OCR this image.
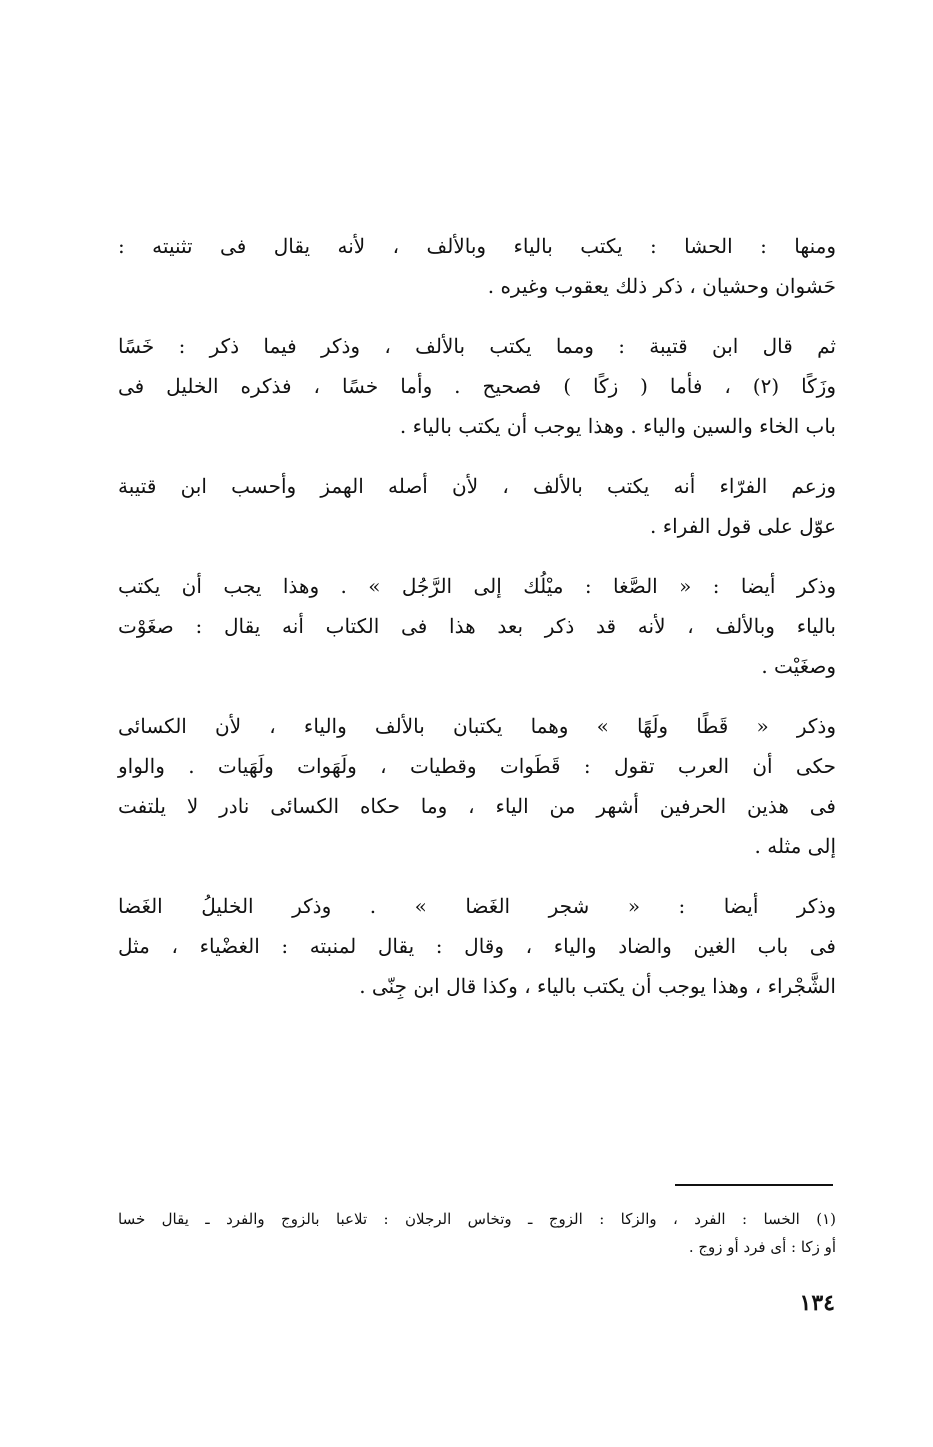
ومنها : الحشا : يكتب بالياء وبالألف ، لأنه يقال فى تثنيته :
حَشوان وحشيان ، ذكر ذلك يعقوب وغيره .
ثم قال ابن قتيبة : ومما يكتب بالألف ، وذكر فيما ذكر : خَسًا
وزَكًا (٢) ، فأما ( زكًا ) فصحيح . وأما خسًا ، فذكره الخليل فى
باب الخاء والسين والياء . وهذا يوجب أن يكتب بالياء .
وزعم الفرّاء أنه يكتب بالألف ، لأن أصله الهمز وأحسب ابن قتيبة
عوّل على قول الفراء .
وذكر أيضا : « الصَّغا : ميْلُك إلى الرَّجُل » . وهذا يجب أن يكتب
بالياء وبالألف ، لأنه قد ذكر بعد هذا فى الكتاب أنه يقال : صغَوْت
وصغَيْت .
وذكر « قَطًا ولَهًا » وهما يكتبان بالألف والياء ، لأن الكسائى
حكى أن العرب تقول : قَطَوات وقطيات ، ولَهَوات ولَهَيات . والواو
فى هذين الحرفين أشهر من الياء ، وما حكاه الكسائى نادر لا يلتفت
إلى مثله .
وذكر أيضا : « شجر الغَضا » . وذكر الخليلُ الغَضا
فى باب الغين والضاد والياء ، وقال : يقال لمنبته : الغضْياء ، مثل
الشَّجْراء ، وهذا يوجب أن يكتب بالياء ، وكذا قال ابن جِنّى .
(١) الخسا : الفرد ، والزكا : الزوج ـ وتخاس الرجلان : تلاعبا بالزوج والفرد ـ يقال خسا
أو زكا : أى فرد أو زوج .
١٣٤
